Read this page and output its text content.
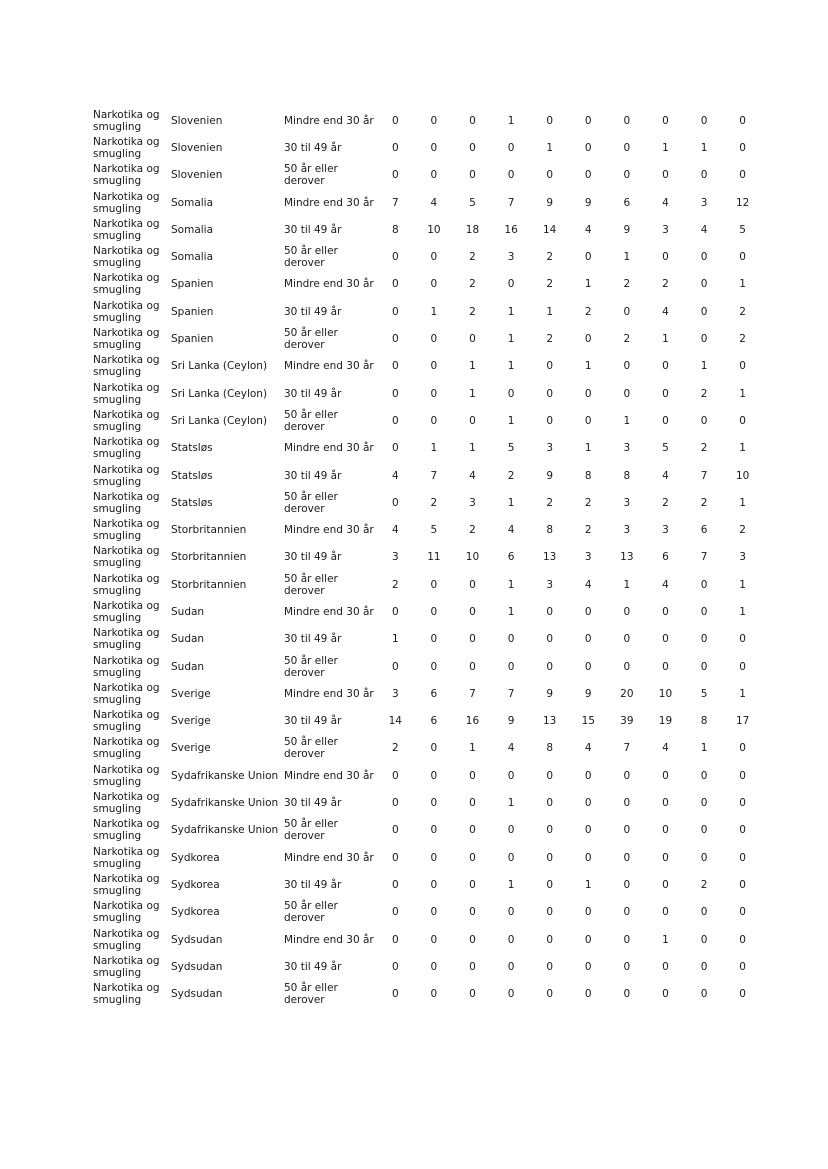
Narkotika og smugling	Slovenien	Mindre end 30 år	0	0	0	1	0	0	0	0	0	0
Narkotika og smugling	Slovenien	30 til 49 år	0	0	0	0	1	0	0	1	1	0
Narkotika og smugling	Slovenien	50 år eller derover	0	0	0	0	0	0	0	0	0	0
Narkotika og smugling	Somalia	Mindre end 30 år	7	4	5	7	9	9	6	4	3	12
Narkotika og smugling	Somalia	30 til 49 år	8	10	18	16	14	4	9	3	4	5
Narkotika og smugling	Somalia	50 år eller derover	0	0	2	3	2	0	1	0	0	0
Narkotika og smugling	Spanien	Mindre end 30 år	0	0	2	0	2	1	2	2	0	1
Narkotika og smugling	Spanien	30 til 49 år	0	1	2	1	1	2	0	4	0	2
Narkotika og smugling	Spanien	50 år eller derover	0	0	0	1	2	0	2	1	0	2
Narkotika og smugling	Sri Lanka (Ceylon)	Mindre end 30 år	0	0	1	1	0	1	0	0	1	0
Narkotika og smugling	Sri Lanka (Ceylon)	30 til 49 år	0	0	1	0	0	0	0	0	2	1
Narkotika og smugling	Sri Lanka (Ceylon)	50 år eller derover	0	0	0	1	0	0	1	0	0	0
Narkotika og smugling	Statsløs	Mindre end 30 år	0	1	1	5	3	1	3	5	2	1
Narkotika og smugling	Statsløs	30 til 49 år	4	7	4	2	9	8	8	4	7	10
Narkotika og smugling	Statsløs	50 år eller derover	0	2	3	1	2	2	3	2	2	1
Narkotika og smugling	Storbritannien	Mindre end 30 år	4	5	2	4	8	2	3	3	6	2
Narkotika og smugling	Storbritannien	30 til 49 år	3	11	10	6	13	3	13	6	7	3
Narkotika og smugling	Storbritannien	50 år eller derover	2	0	0	1	3	4	1	4	0	1
Narkotika og smugling	Sudan	Mindre end 30 år	0	0	0	1	0	0	0	0	0	1
Narkotika og smugling	Sudan	30 til 49 år	1	0	0	0	0	0	0	0	0	0
Narkotika og smugling	Sudan	50 år eller derover	0	0	0	0	0	0	0	0	0	0
Narkotika og smugling	Sverige	Mindre end 30 år	3	6	7	7	9	9	20	10	5	1
Narkotika og smugling	Sverige	30 til 49 år	14	6	16	9	13	15	39	19	8	17
Narkotika og smugling	Sverige	50 år eller derover	2	0	1	4	8	4	7	4	1	0
Narkotika og smugling	Sydafrikanske Union	Mindre end 30 år	0	0	0	0	0	0	0	0	0	0
Narkotika og smugling	Sydafrikanske Union	30 til 49 år	0	0	0	1	0	0	0	0	0	0
Narkotika og smugling	Sydafrikanske Union	50 år eller derover	0	0	0	0	0	0	0	0	0	0
Narkotika og smugling	Sydkorea	Mindre end 30 år	0	0	0	0	0	0	0	0	0	0
Narkotika og smugling	Sydkorea	30 til 49 år	0	0	0	1	0	1	0	0	2	0
Narkotika og smugling	Sydkorea	50 år eller derover	0	0	0	0	0	0	0	0	0	0
Narkotika og smugling	Sydsudan	Mindre end 30 år	0	0	0	0	0	0	0	1	0	0
Narkotika og smugling	Sydsudan	30 til 49 år	0	0	0	0	0	0	0	0	0	0
Narkotika og smugling	Sydsudan	50 år eller derover	0	0	0	0	0	0	0	0	0	0
